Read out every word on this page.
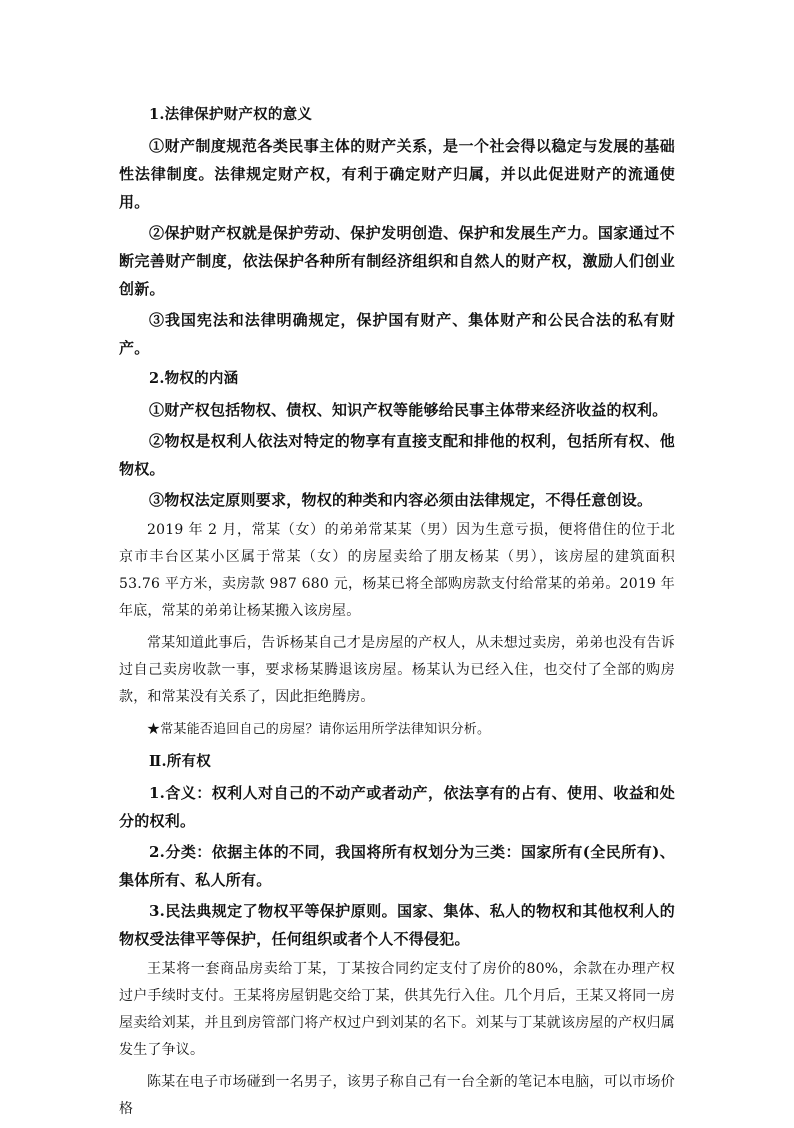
1.法律保护财产权的意义

①财产制度规范各类民事主体的财产关系，是一个社会得以稳定与发展的基础性法律制度。法律规定财产权，有利于确定财产归属，并以此促进财产的流通使用。

②保护财产权就是保护劳动、保护发明创造、保护和发展生产力。国家通过不断完善财产制度，依法保护各种所有制经济组织和自然人的财产权，激励人们创业创新。

③我国宪法和法律明确规定，保护国有财产、集体财产和公民合法的私有财产。

2.物权的内涵

①财产权包括物权、债权、知识产权等能够给民事主体带来经济收益的权利。

②物权是权利人依法对特定的物享有直接支配和排他的权利，包括所有权、他物权。

③物权法定原则要求，物权的种类和内容必须由法律规定，不得任意创设。

2019 年 2 月，常某（女）的弟弟常某某（男）因为生意亏损，便将借住的位于北京市丰台区某小区属于常某（女）的房屋卖给了朋友杨某（男），该房屋的建筑面积 53.76 平方米，卖房款 987 680 元，杨某已将全部购房款支付给常某的弟弟。2019 年年底，常某的弟弟让杨某搬入该房屋。

常某知道此事后，告诉杨某自己才是房屋的产权人，从未想过卖房，弟弟也没有告诉过自己卖房收款一事，要求杨某腾退该房屋。杨某认为已经入住，也交付了全部的购房款，和常某没有关系了，因此拒绝腾房。

★常某能否追回自己的房屋？请你运用所学法律知识分析。

Ⅱ.所有权

1.含义：权利人对自己的不动产或者动产，依法享有的占有、使用、收益和处分的权利。

2.分类：依据主体的不同，我国将所有权划分为三类：国家所有(全民所有)、集体所有、私人所有。

3.民法典规定了物权平等保护原则。国家、集体、私人的物权和其他权利人的物权受法律平等保护，任何组织或者个人不得侵犯。

王某将一套商品房卖给丁某，丁某按合同约定支付了房价的80%，余款在办理产权过户手续时支付。王某将房屋钥匙交给丁某，供其先行入住。几个月后，王某又将同一房屋卖给刘某，并且到房管部门将产权过户到刘某的名下。刘某与丁某就该房屋的产权归属发生了争议。

陈某在电子市场碰到一名男子，该男子称自己有一台全新的笔记本电脑，可以市场价格
